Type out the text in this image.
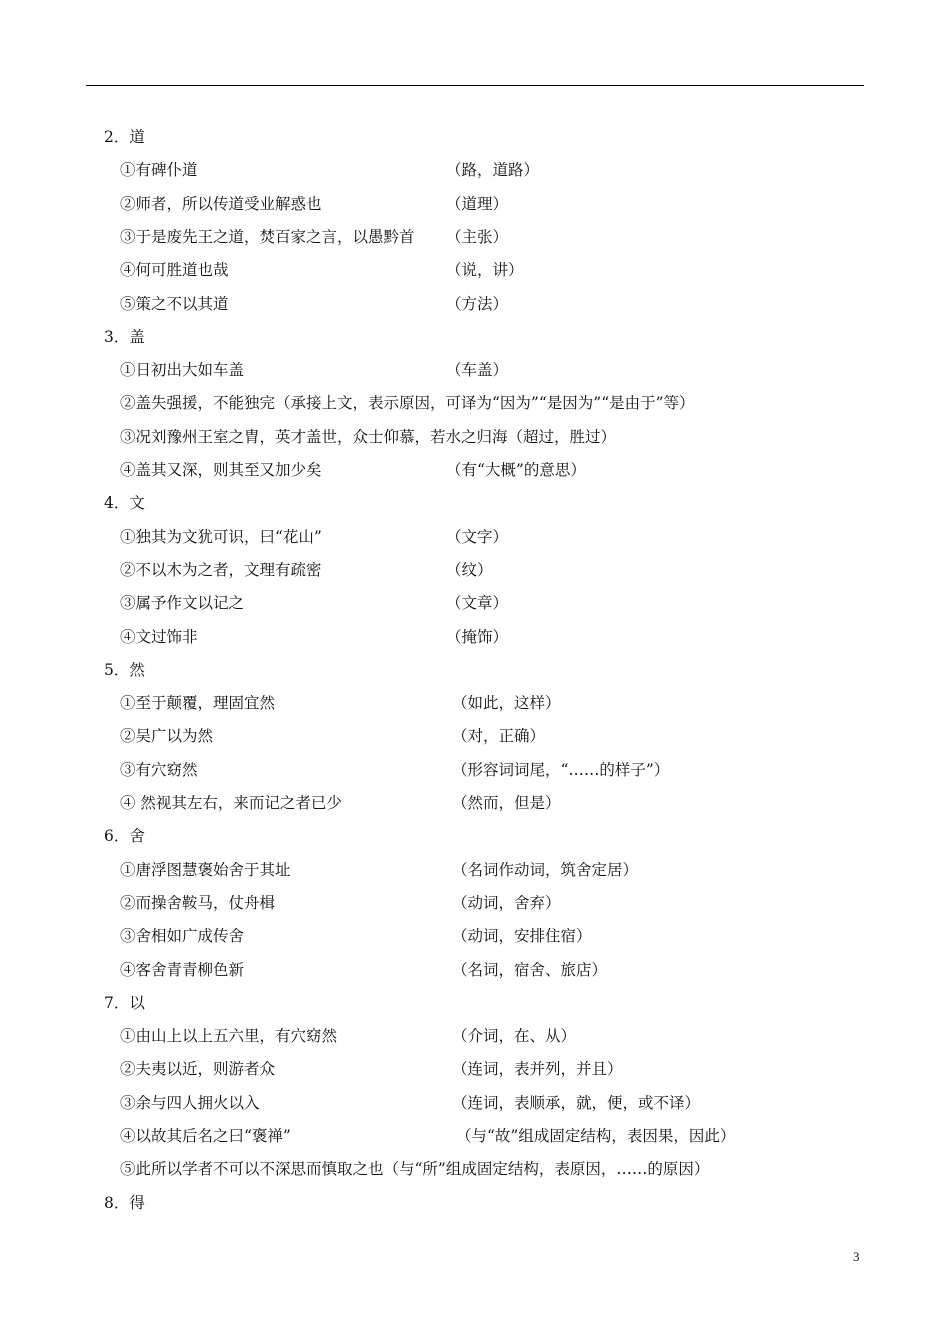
2．道
①有碑仆道	（路，道路）
②师者，所以传道受业解惑也	（道理）
③于是废先王之道，焚百家之言，以愚黔首 （主张）
④何可胜道也哉	（说，讲）
⑤策之不以其道	（方法）
3．盖
①日初出大如车盖	（车盖）
②盖失强援，不能独完（承接上文，表示原因，可译为“因为”“是因为”“是由于”等）
③况刘豫州王室之胄，英才盖世，众士仰慕，若水之归海（超过，胜过）
④盖其又深，则其至又加少矣	（有“大概”的意思）
4．文
①独其为文犹可识，曰“花山”	（文字）
②不以木为之者，文理有疏密	（纹）
③属予作文以记之	（文章）
④文过饰非	（掩饰）
5．然
①至于颠覆，理固宜然	（如此，这样）
②吴广以为然	（对，正确）
③有穴窈然	（形容词词尾，“……的样子”）
④ 然视其左右，来而记之者已少	（然而，但是）
6．舍
①唐浮图慧褒始舍于其址	（名词作动词，筑舍定居）
②而操舍鞍马，仗舟楫	（动词，舍弃）
③舍相如广成传舍	（动词，安排住宿）
④客舍青青柳色新	（名词，宿舍、旅店）
7．以
①由山上以上五六里，有穴窈然	（介词，在、从）
②夫夷以近，则游者众	（连词，表并列，并且）
③余与四人拥火以入	（连词，表顺承，就，便，或不译）
④以故其后名之曰“褒禅”	（与“故”组成固定结构，表因果，因此）
⑤此所以学者不可以不深思而慎取之也（与“所”组成固定结构，表原因，……的原因）
8．得
3
